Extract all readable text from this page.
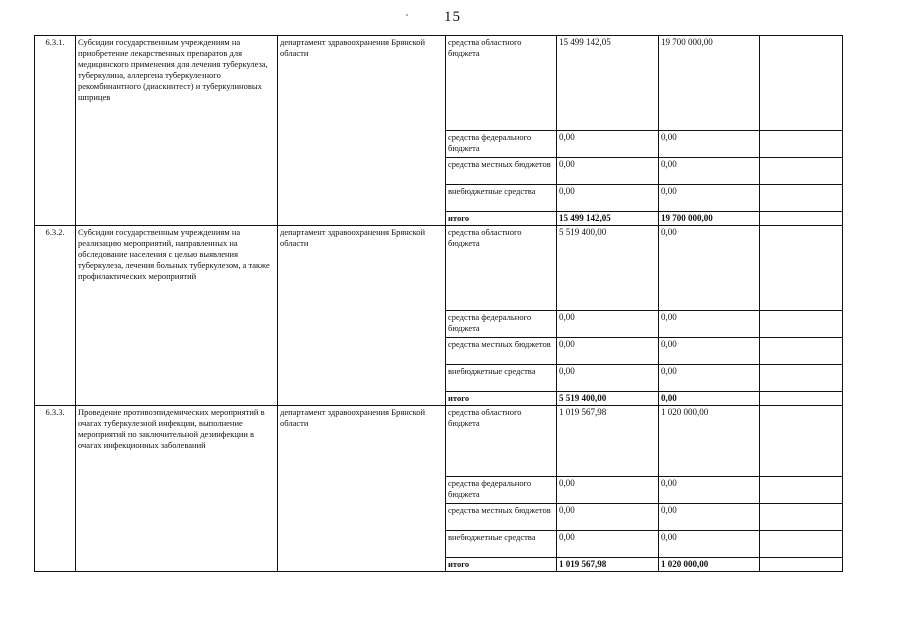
15
6.3.1.	Субсидии государственным учреждениям на приобретение лекарственных препаратов для медицинского применения для лечения туберкулеза, туберкулина, аллергена туберкулезного рекомбинантного (диаскинтест) и туберкулиновых шприцев	департамент здравоохранения Брянской области	средства областного бюджета	15 499 142,05	19 700 000,00	
			средства федерального бюджета	0,00	0,00	
			средства местных бюджетов	0,00	0,00	
			внебюджетные средства	0,00	0,00	
			итого	15 499 142,05	19 700 000,00	
6.3.2.	Субсидии государственным учреждениям на реализацию мероприятий, направленных на обследование населения с целью выявления туберкулеза, лечения больных туберкулезом, а также профилактических мероприятий	департамент здравоохранения Брянской области	средства областного бюджета	5 519 400,00	0,00	
			средства федерального бюджета	0,00	0,00	
			средства местных бюджетов	0,00	0,00	
			внебюджетные средства	0,00	0,00	
			итого	5 519 400,00	0,00	
6.3.3.	Проведение противоэпидемических мероприятий в очагах туберкулезной инфекции, выполнение мероприятий по заключительной дезинфекции в очагах инфекционных заболеваний	департамент здравоохранения Брянской области	средства областного бюджета	1 019 567,98	1 020 000,00	
			средства федерального бюджета	0,00	0,00	
			средства местных бюджетов	0,00	0,00	
			внебюджетные средства	0,00	0,00	
			итого	1 019 567,98	1 020 000,00	
